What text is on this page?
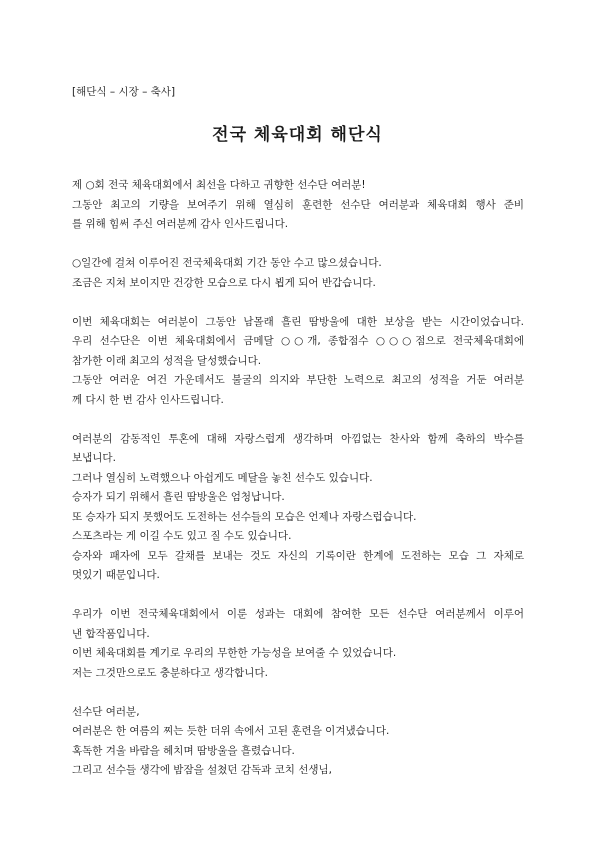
[해단식 – 시장 – 축사]
전국 체육대회 해단식
제 ○회 전국 체육대회에서 최선을 다하고 귀향한 선수단 여러분!
그동안 최고의 기량을 보여주기 위해 열심히 훈련한 선수단 여러분과 체육대회 행사 준비
를 위해 힘써 주신 여러분께 감사 인사드립니다.
○일간에 걸쳐 이루어진 전국체육대회 기간 동안 수고 많으셨습니다.
조금은 지쳐 보이지만 건강한 모습으로 다시 뵙게 되어 반갑습니다.
이번 체육대회는 여러분이 그동안 남몰래 흘린 땀방울에 대한 보상을 받는 시간이었습니다.
우리 선수단은 이번 체육대회에서 금메달 ○○개, 종합점수 ○○○점으로 전국체육대회에
참가한 이래 최고의 성적을 달성했습니다.
그동안 여러운 여건 가운데서도 불굴의 의지와 부단한 노력으로 최고의 성적을 거둔 여러분
께 다시 한 번 감사 인사드립니다.
여러분의 감동적인 투혼에 대해 자랑스럽게 생각하며 아낌없는 찬사와 함께 축하의 박수를
보냅니다.
그러나 열심히 노력했으나 아쉽게도 메달을 놓친 선수도 있습니다.
승자가 되기 위해서 흘린 땀방울은 엄청납니다.
또 승자가 되지 못했어도 도전하는 선수들의 모습은 언제나 자랑스럽습니다.
스포츠라는 게 이길 수도 있고 질 수도 있습니다.
승자와 패자에 모두 갈채를 보내는 것도 자신의 기록이란 한계에 도전하는 모습 그 자체로
멋있기 때문입니다.
우리가 이번 전국체육대회에서 이룬 성과는 대회에 참여한 모든 선수단 여러분께서 이루어
낸 합작품입니다.
이번 체육대회를 계기로 우리의 무한한 가능성을 보여줄 수 있었습니다.
저는 그것만으로도 충분하다고 생각합니다.
선수단 여러분,
여러분은 한 여름의 찌는 듯한 더위 속에서 고된 훈련을 이겨냈습니다.
혹독한 겨울 바람을 헤치며 땀방울을 흘렸습니다.
그리고 선수들 생각에 밤잠을 설쳤던 감독과 코치 선생님,
